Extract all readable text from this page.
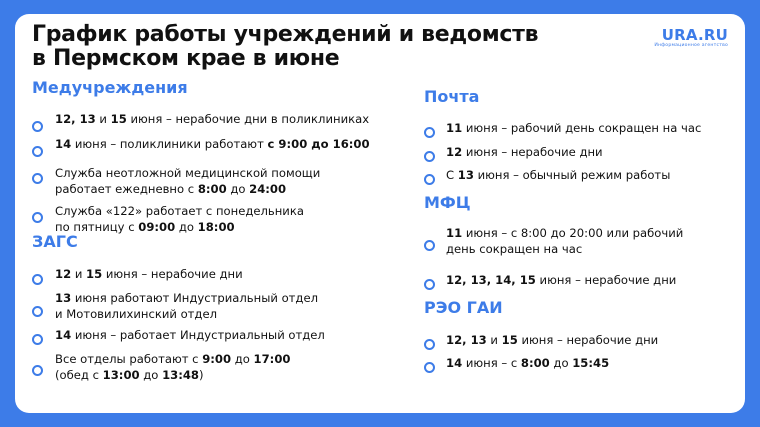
График работы учреждений и ведомств
в Пермском крае в июне
URA.RU
Информационное агентство
Медучреждения
ЗАГС
Почта
МФЦ
РЭО ГАИ
12, 13 и 15 июня – нерабочие дни в поликлиниках
14 июня – поликлиники работают с 9:00 до 16:00
Служба неотложной медицинской помощи
работает ежедневно с 8:00 до 24:00
Служба «122» работает с понедельника
по пятницу с 09:00 до 18:00
12 и 15 июня – нерабочие дни
13 июня работают Индустриальный отдел
и Мотовилихинский отдел
14 июня – работает Индустриальный отдел
Все отделы работают с 9:00 до 17:00
(обед с 13:00 до 13:48)
11 июня – рабочий день сокращен на час
12 июня – нерабочие дни
С 13 июня – обычный режим работы
11 июня – с 8:00 до 20:00 или рабочий
день сокращен на час
12, 13, 14, 15 июня – нерабочие дни
12, 13 и 15 июня – нерабочие дни
14 июня – с 8:00 до 15:45
